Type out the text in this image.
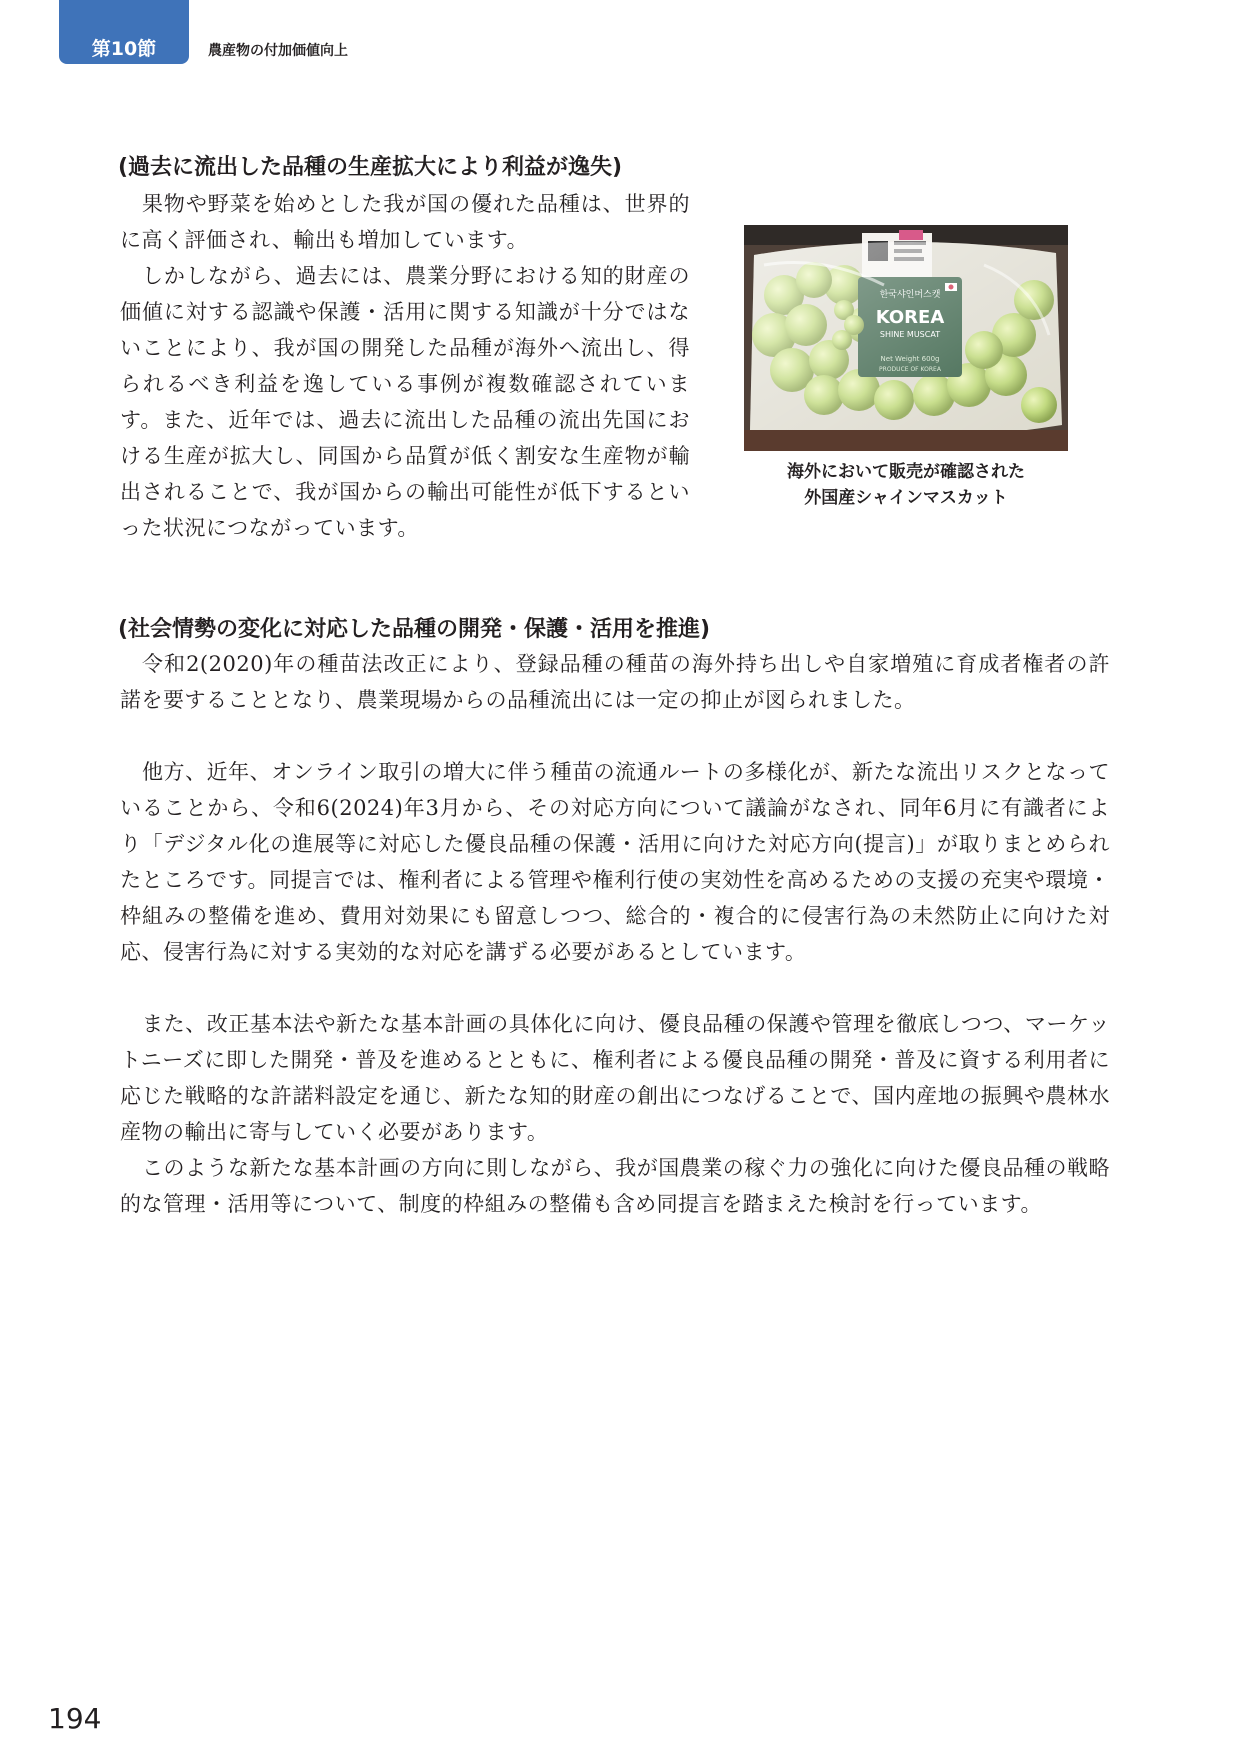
第10節	農産物の付加価値向上
(過去に流出した品種の生産拡大により利益が逸失)

果物や野菜を始めとした我が国の優れた品種は、世界的に高く評価され、輸出も増加しています。

しかしながら、過去には、農業分野における知的財産の価値に対する認識や保護・活用に関する知識が十分ではないことにより、我が国の開発した品種が海外へ流出し、得られるべき利益を逸している事例が複数確認されています。また、近年では、過去に流出した品種の流出先国における生産が拡大し、同国から品質が低く割安な生産物が輸出されることで、我が国からの輸出可能性が低下するといった状況につながっています。

海外において販売が確認された
外国産シャインマスカット
(社会情勢の変化に対応した品種の開発・保護・活用を推進)

令和2(2020)年の種苗法改正により、登録品種の種苗の海外持ち出しや自家増殖に育成者権者の許諾を要することとなり、農業現場からの品種流出には一定の抑止が図られました。

他方、近年、オンライン取引の増大に伴う種苗の流通ルートの多様化が、新たな流出リスクとなっていることから、令和6(2024)年3月から、その対応方向について議論がなされ、同年6月に有識者により「デジタル化の進展等に対応した優良品種の保護・活用に向けた対応方向(提言)」が取りまとめられたところです。同提言では、権利者による管理や権利行使の実効性を高めるための支援の充実や環境・枠組みの整備を進め、費用対効果にも留意しつつ、総合的・複合的に侵害行為の未然防止に向けた対応、侵害行為に対する実効的な対応を講ずる必要があるとしています。

また、改正基本法や新たな基本計画の具体化に向け、優良品種の保護や管理を徹底しつつ、マーケットニーズに即した開発・普及を進めるとともに、権利者による優良品種の開発・普及に資する利用者に応じた戦略的な許諾料設定を通じ、新たな知的財産の創出につなげることで、国内産地の振興や農林水産物の輸出に寄与していく必要があります。

このような新たな基本計画の方向に則しながら、我が国農業の稼ぐ力の強化に向けた優良品種の戦略的な管理・活用等について、制度的枠組みの整備も含め同提言を踏まえた検討を行っています。

194
